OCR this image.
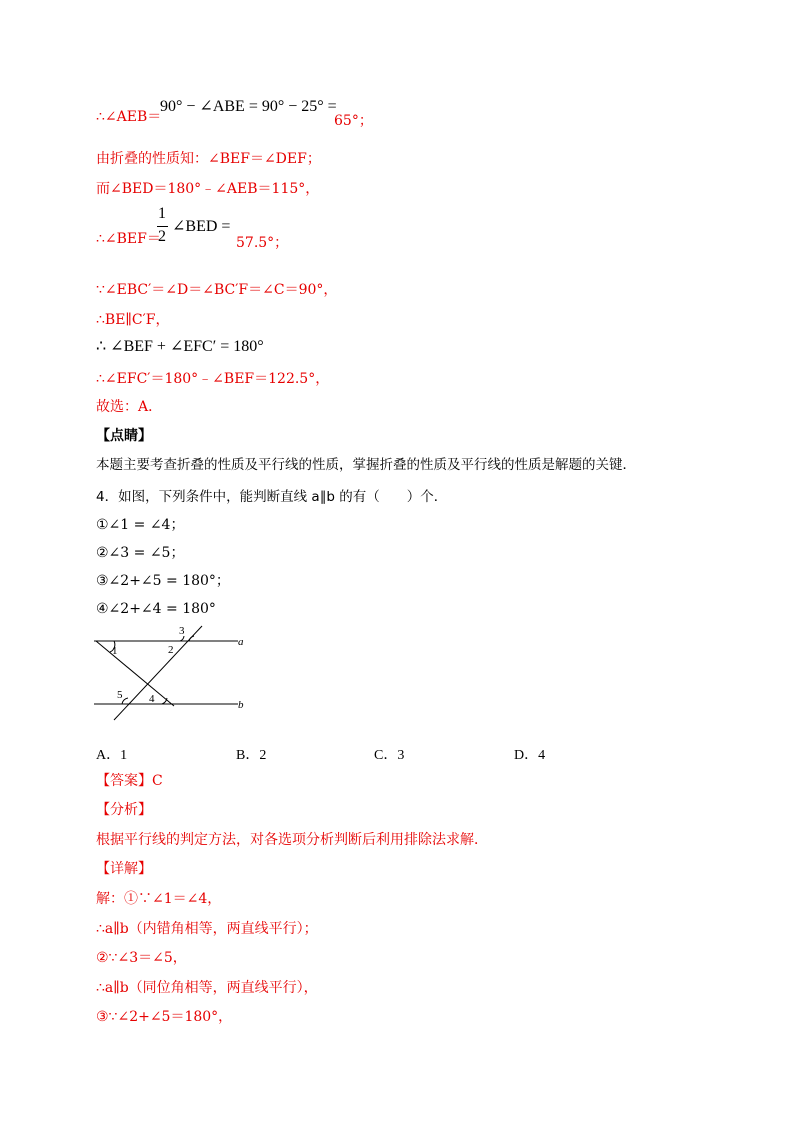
∴∠AEB＝
90° − ∠ABE = 90° − 25° =
65°；
由折叠的性质知：∠BEF＝∠DEF；
而∠BED＝180°﹣∠AEB＝115°，
∴∠BEF＝
1
2
∠BED =
57.5°；
∵∠EBC′＝∠D＝∠BC′F＝∠C＝90°，
∴BE∥C′F，
∴ ∠BEF + ∠EFC′ = 180°
∴∠EFC′＝180°﹣∠BEF＝122.5°，
故选：A．
【点睛】
本题主要考查折叠的性质及平行线的性质，掌握折叠的性质及平行线的性质是解题的关键．
4．如图，下列条件中，能判断直线 a∥b 的有（　　）个．
①∠1 = ∠4；
②∠3 = ∠5；
③∠2+∠5 = 180°；
④∠2+∠4 = 180°
a
b
1	2
3
4
5
A．1	B．2	C．3	D．4
【答案】C
【分析】
根据平行线的判定方法，对各选项分析判断后利用排除法求解．
【详解】
解：①∵∠1＝∠4，
∴a∥b（内错角相等，两直线平行）；
②∵∠3＝∠5，
∴a∥b（同位角相等，两直线平行），
③∵∠2+∠5＝180°，
